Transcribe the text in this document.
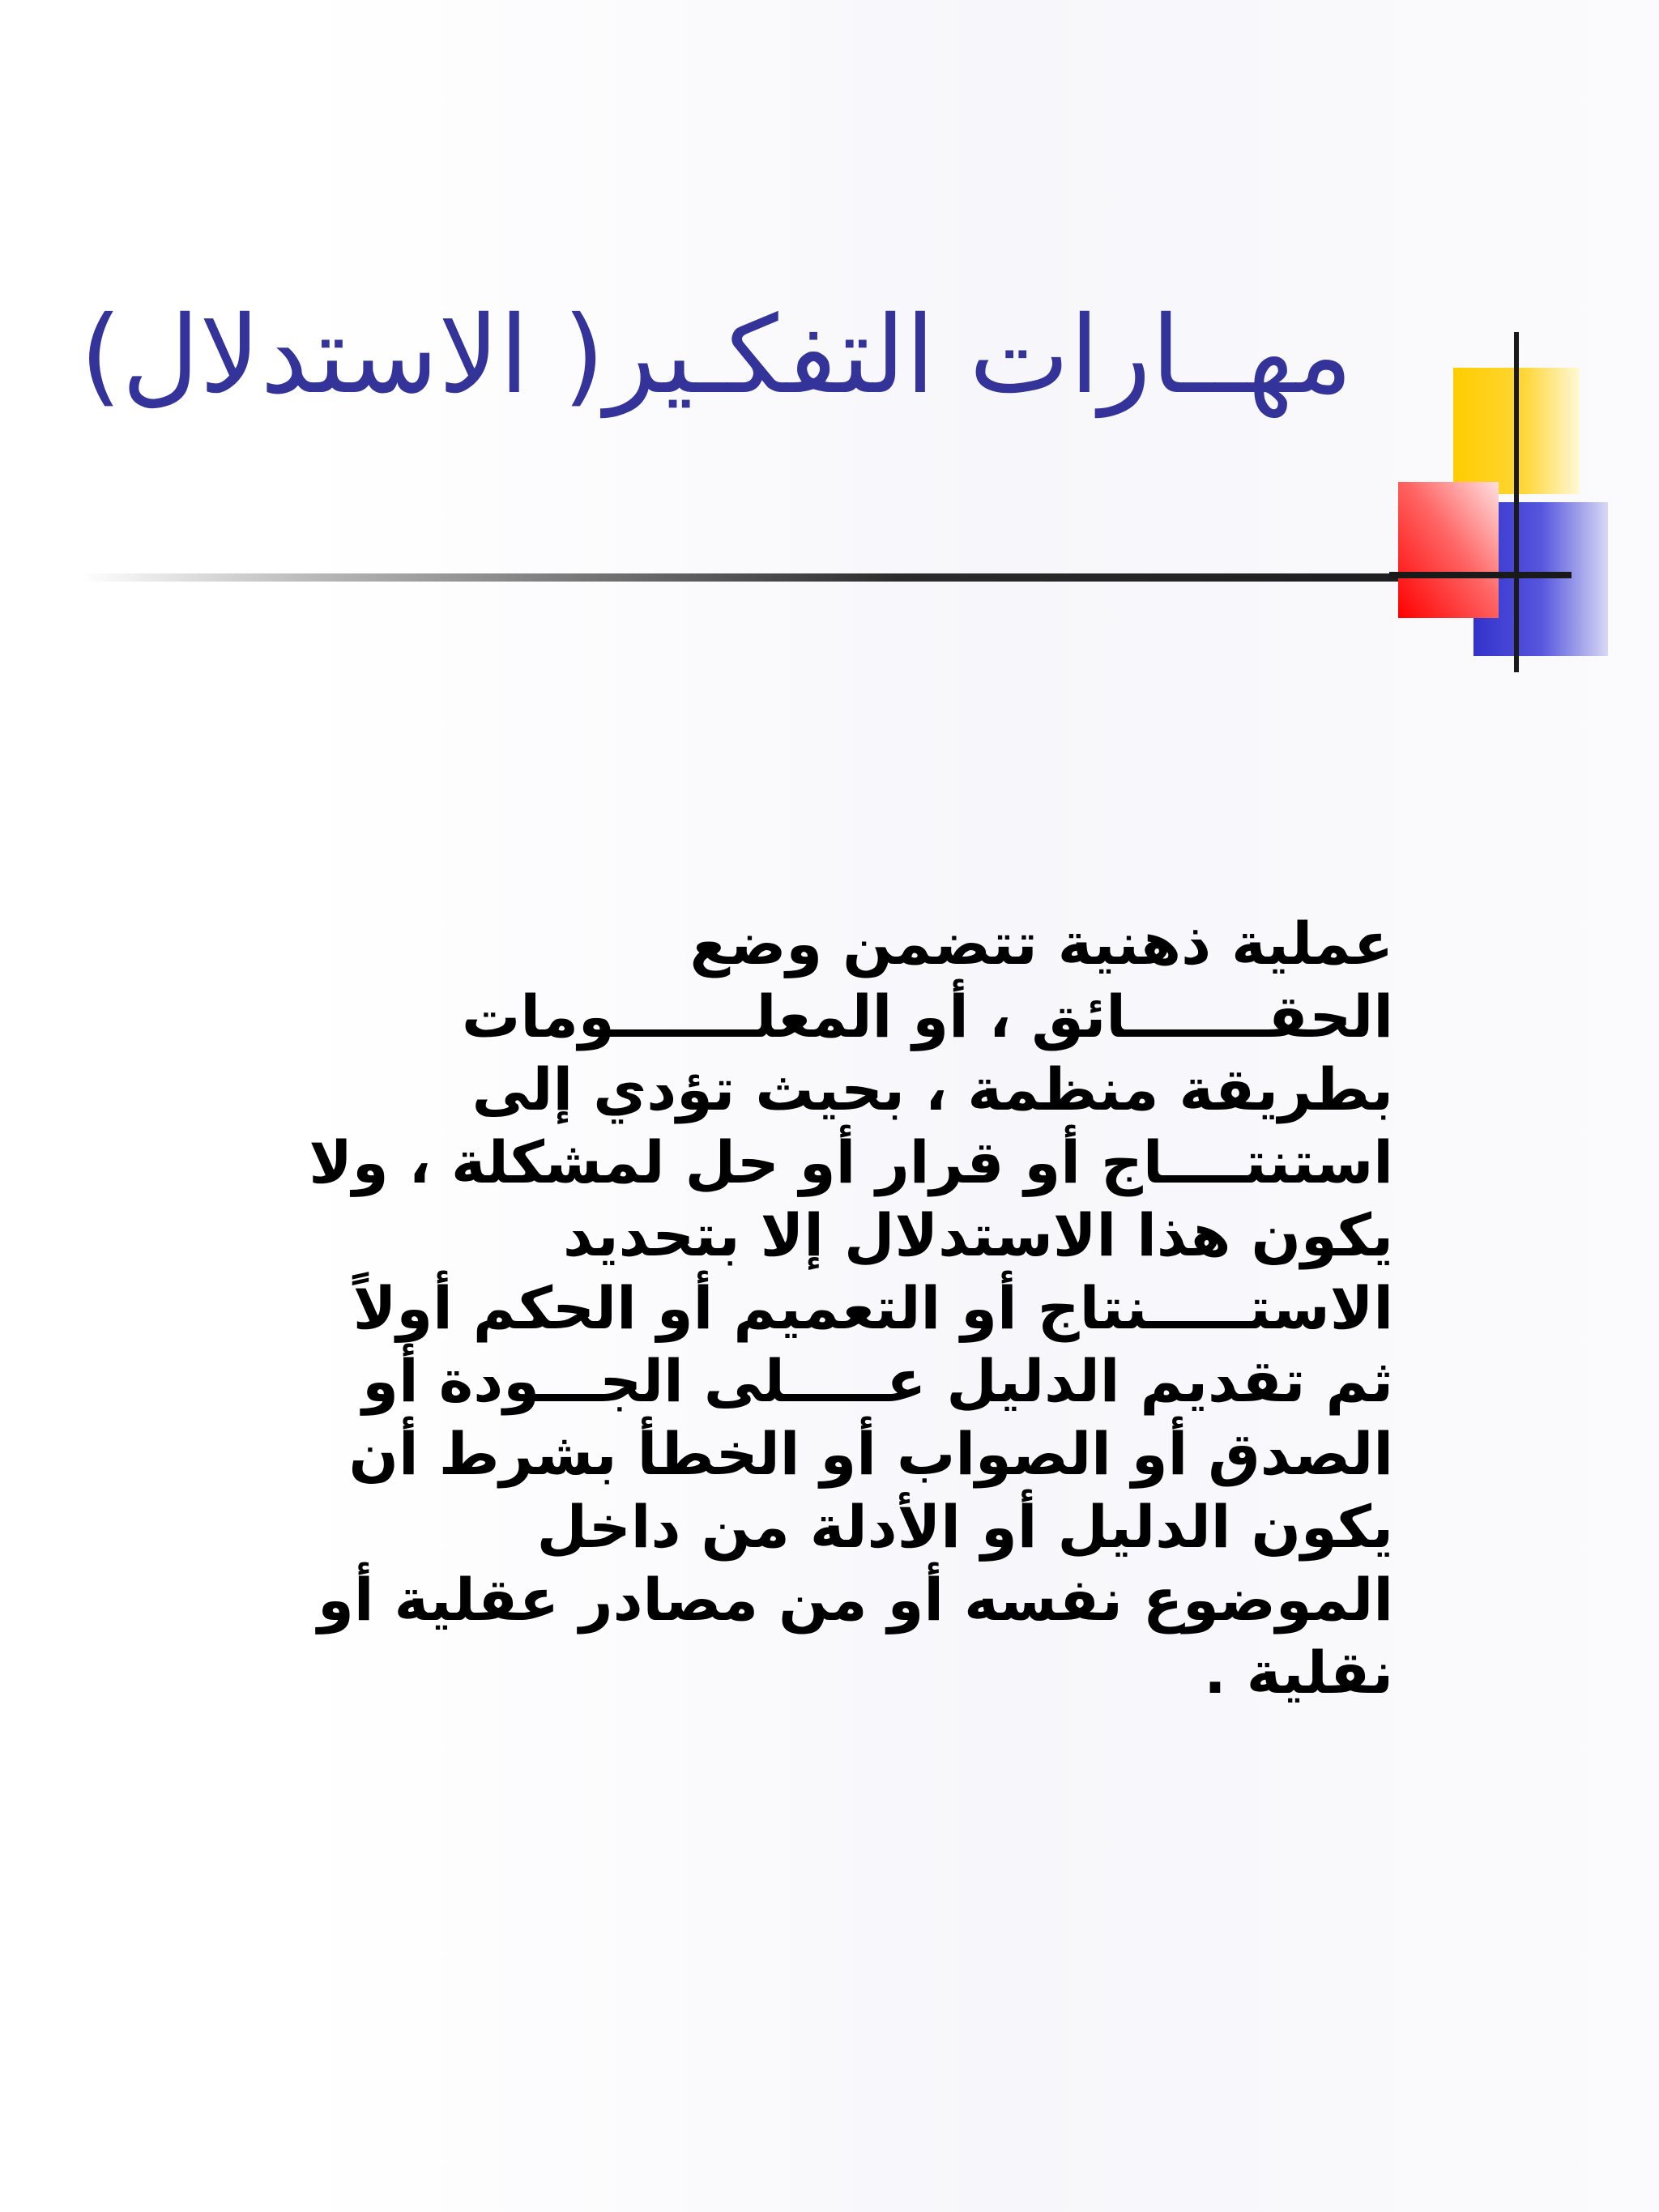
مهــارات التفكـير( الاستدلال)
عملية ذهنية تتضمن وضع
الحقـــــــائق ، أو المعلـــــــومات
بطريقة منظمة ، بحيث تؤدي إلى
استنتــــاج أو قرار أو حل لمشكلة ، ولا
يكون هذا الاستدلال إلا بتحديد
الاستـــــنتاج أو التعميم أو الحكم أولاً
ثم تقديم الدليل عـــــلى الجـــودة أو
الصدق أو الصواب أو الخطأ بشرط أن
يكون الدليل أو الأدلة من داخل
الموضوع نفسه أو من مصادر عقلية أو
نقلية .
